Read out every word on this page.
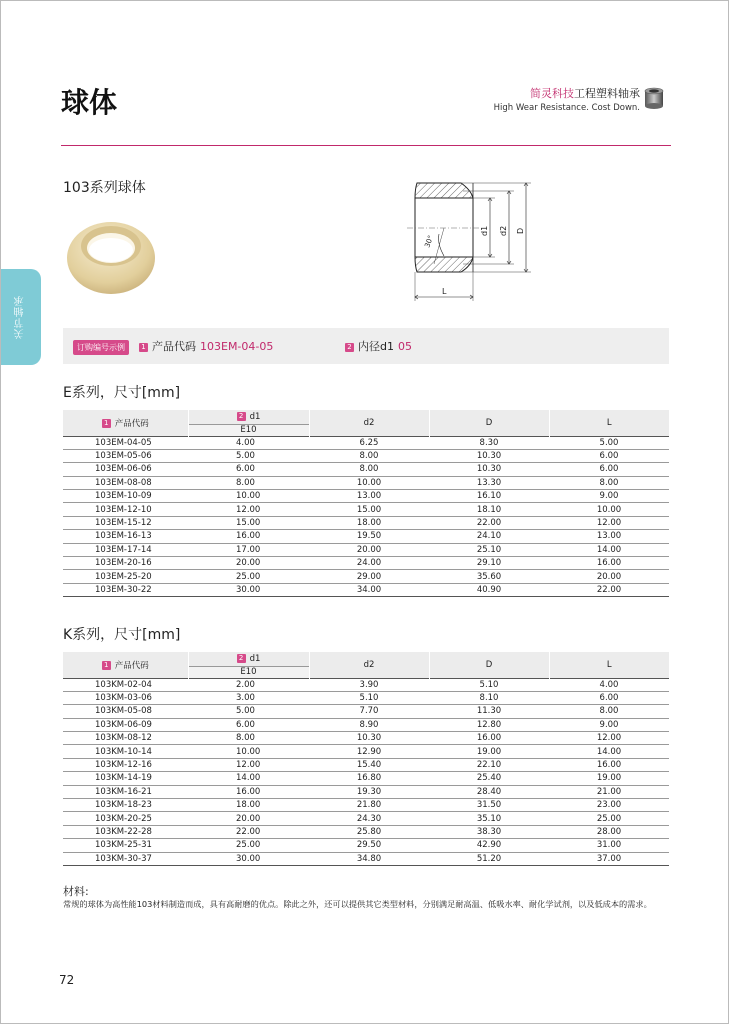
球体	简灵科技工程塑料轴承
High Wear Resistance. Cost Down.
关节轴承
103系列球体
30°
d1 d2 D
L
订购编号示例	1 产品代码 103EM-04-05	2 内径d1 05
E系列，尺寸[mm]
1 产品代码	2 d1	d2	D	L
	E10			
103EM-04-05	4.00	6.25	8.30	5.00
103EM-05-06	5.00	8.00	10.30	6.00
103EM-06-06	6.00	8.00	10.30	6.00
103EM-08-08	8.00	10.00	13.30	8.00
103EM-10-09	10.00	13.00	16.10	9.00
103EM-12-10	12.00	15.00	18.10	10.00
103EM-15-12	15.00	18.00	22.00	12.00
103EM-16-13	16.00	19.50	24.10	13.00
103EM-17-14	17.00	20.00	25.10	14.00
103EM-20-16	20.00	24.00	29.10	16.00
103EM-25-20	25.00	29.00	35.60	20.00
103EM-30-22	30.00	34.00	40.90	22.00
K系列，尺寸[mm]
1 产品代码	2 d1	d2	D	L
	E10			
103KM-02-04	2.00	3.90	5.10	4.00
103KM-03-06	3.00	5.10	8.10	6.00
103KM-05-08	5.00	7.70	11.30	8.00
103KM-06-09	6.00	8.90	12.80	9.00
103KM-08-12	8.00	10.30	16.00	12.00
103KM-10-14	10.00	12.90	19.00	14.00
103KM-12-16	12.00	15.40	22.10	16.00
103KM-14-19	14.00	16.80	25.40	19.00
103KM-16-21	16.00	19.30	28.40	21.00
103KM-18-23	18.00	21.80	31.50	23.00
103KM-20-25	20.00	24.30	35.10	25.00
103KM-22-28	22.00	25.80	38.30	28.00
103KM-25-31	25.00	29.50	42.90	31.00
103KM-30-37	30.00	34.80	51.20	37.00
材料:
常规的球体为高性能103材料制造而成，具有高耐磨的优点。除此之外，还可以提供其它类型材料，分别满足耐高温、低吸水率、耐化学试剂，以及低成本的需求。
72
